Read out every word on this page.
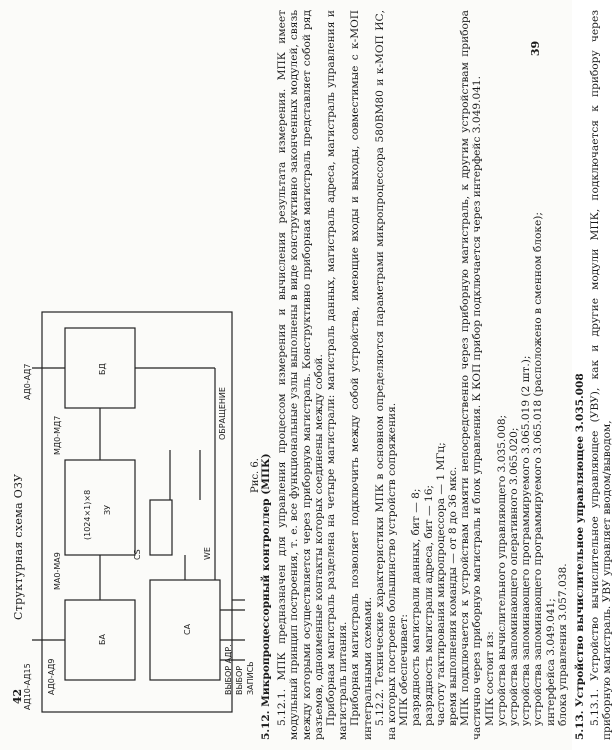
39
42	5.12. Микропроцессорный контроллер (МПК) 5.12.1. МПК предназначен для управления процессом измерения и вычисления результата измерения. МПК имеет модульный принцип построения, т. е. все функциональные узлы выполнены в виде конструктивно законченных модулей, связь между которыми осуществляется через приборную магистраль. Конструктивно приборная магистраль представляет собой ряд разъемов, одноименные контакты которых соединены между собой. Приборная магистраль разделена на четыре магистрали: магистраль данных, магистраль адреса, магистраль управления и магистраль питания. Приборная магистраль позволяет подключить между собой устройства, имеющие входы и выходы, совместимые с к-МОП интегральными схемами. 5.12.2. Технические характеристики МПК в основном определяются параметрами микропроцессора 580ВМ80 и к-МОП ИС, на которых построено большинство устройств сопряжения. МПК обеспечивает: разрядность магистрали данных, бит — 8; разрядность магистрали адреса, бит — 16; частоту тактирования микропроцессора — 1 МГц; время выполнения команды — от 8 до 36 мкс. МПК подключается к устройствам памяти непосредственно через приборную магистраль, к другим устройствам прибора частично через приборную магистраль и блок управления. К КОП прибор подключается через интерфейс 3.049.041. МПК состоит из: устройства вычислительного управляющего 3.035.008; устройства запоминающего оперативного 3.065.020; устройства запоминающего программируемого 3.065.019 (2 шт.); устройства запоминающего программируемого 3.065.018 (расположено в сменном блоке); интерфейса 3.049.041; блока управления 3.057.038. 5.13. Устройство вычислительное управляющее 3.035.008 5.13.1. Устройство вычислительное управляющее (УВУ), как и другие модули МПК, подключается к прибору через приборную магистраль. УВУ управляет вводом/выводом,

Структурная схема ОЗУ	Рис. 6.
БД
(1024×1)×8 ЗУ
БА
СА
АД0-АД7
АД10-АД15
МД0-МД7
МА0-МА9
АД0-АД9
CS	WE
ОБРАЩЕНИЕ
ЗАПИСЬ
ВЫБОР
ВЫБОР АДР.
